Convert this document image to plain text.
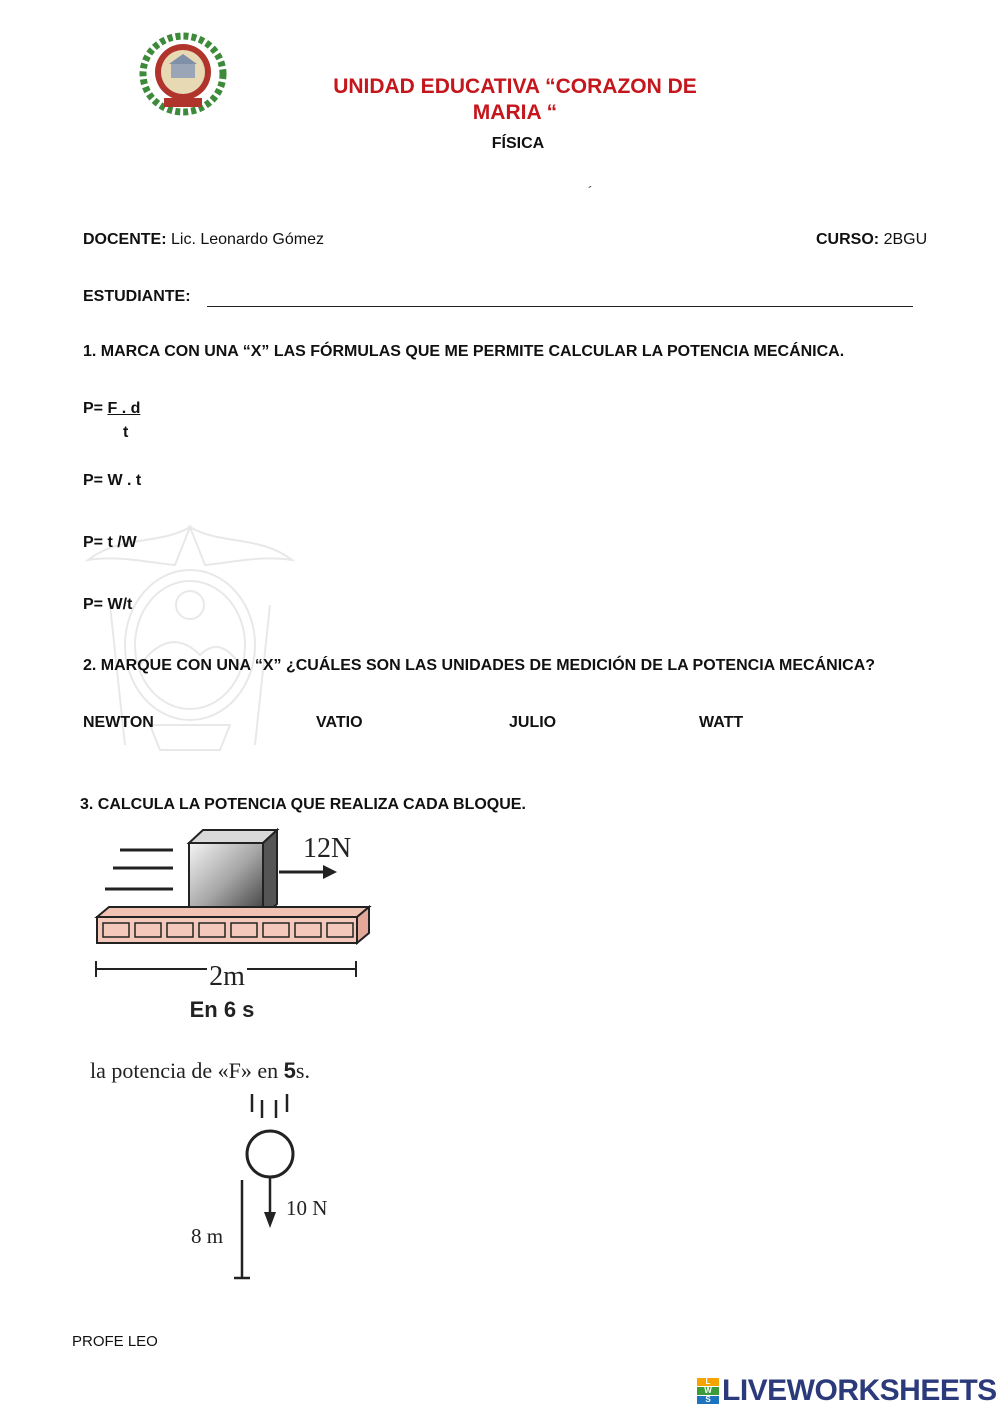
UNIDAD EDUCATIVA “CORAZON DE
MARIA “
FÍSICA
´
DOCENTE: Lic. Leonardo Gómez	CURSO: 2BGU
ESTUDIANTE:
1. MARCA CON UNA “X” LAS FÓRMULAS QUE ME PERMITE CALCULAR LA POTENCIA MECÁNICA.
P= F . d
t
P= W . t
P= t /W
P= W/t
2. MARQUE CON UNA “X” ¿CUÁLES SON LAS UNIDADES DE MEDICIÓN DE LA POTENCIA MECÁNICA?
NEWTON	VATIO	JULIO	WATT
3. CALCULA LA POTENCIA QUE REALIZA CADA BLOQUE.
12N
2m
En 6 s
la potencia de «F» en 5s.
10 N
8 m
PROFE LEO
L
W
S LIVEWORKSHEETS
